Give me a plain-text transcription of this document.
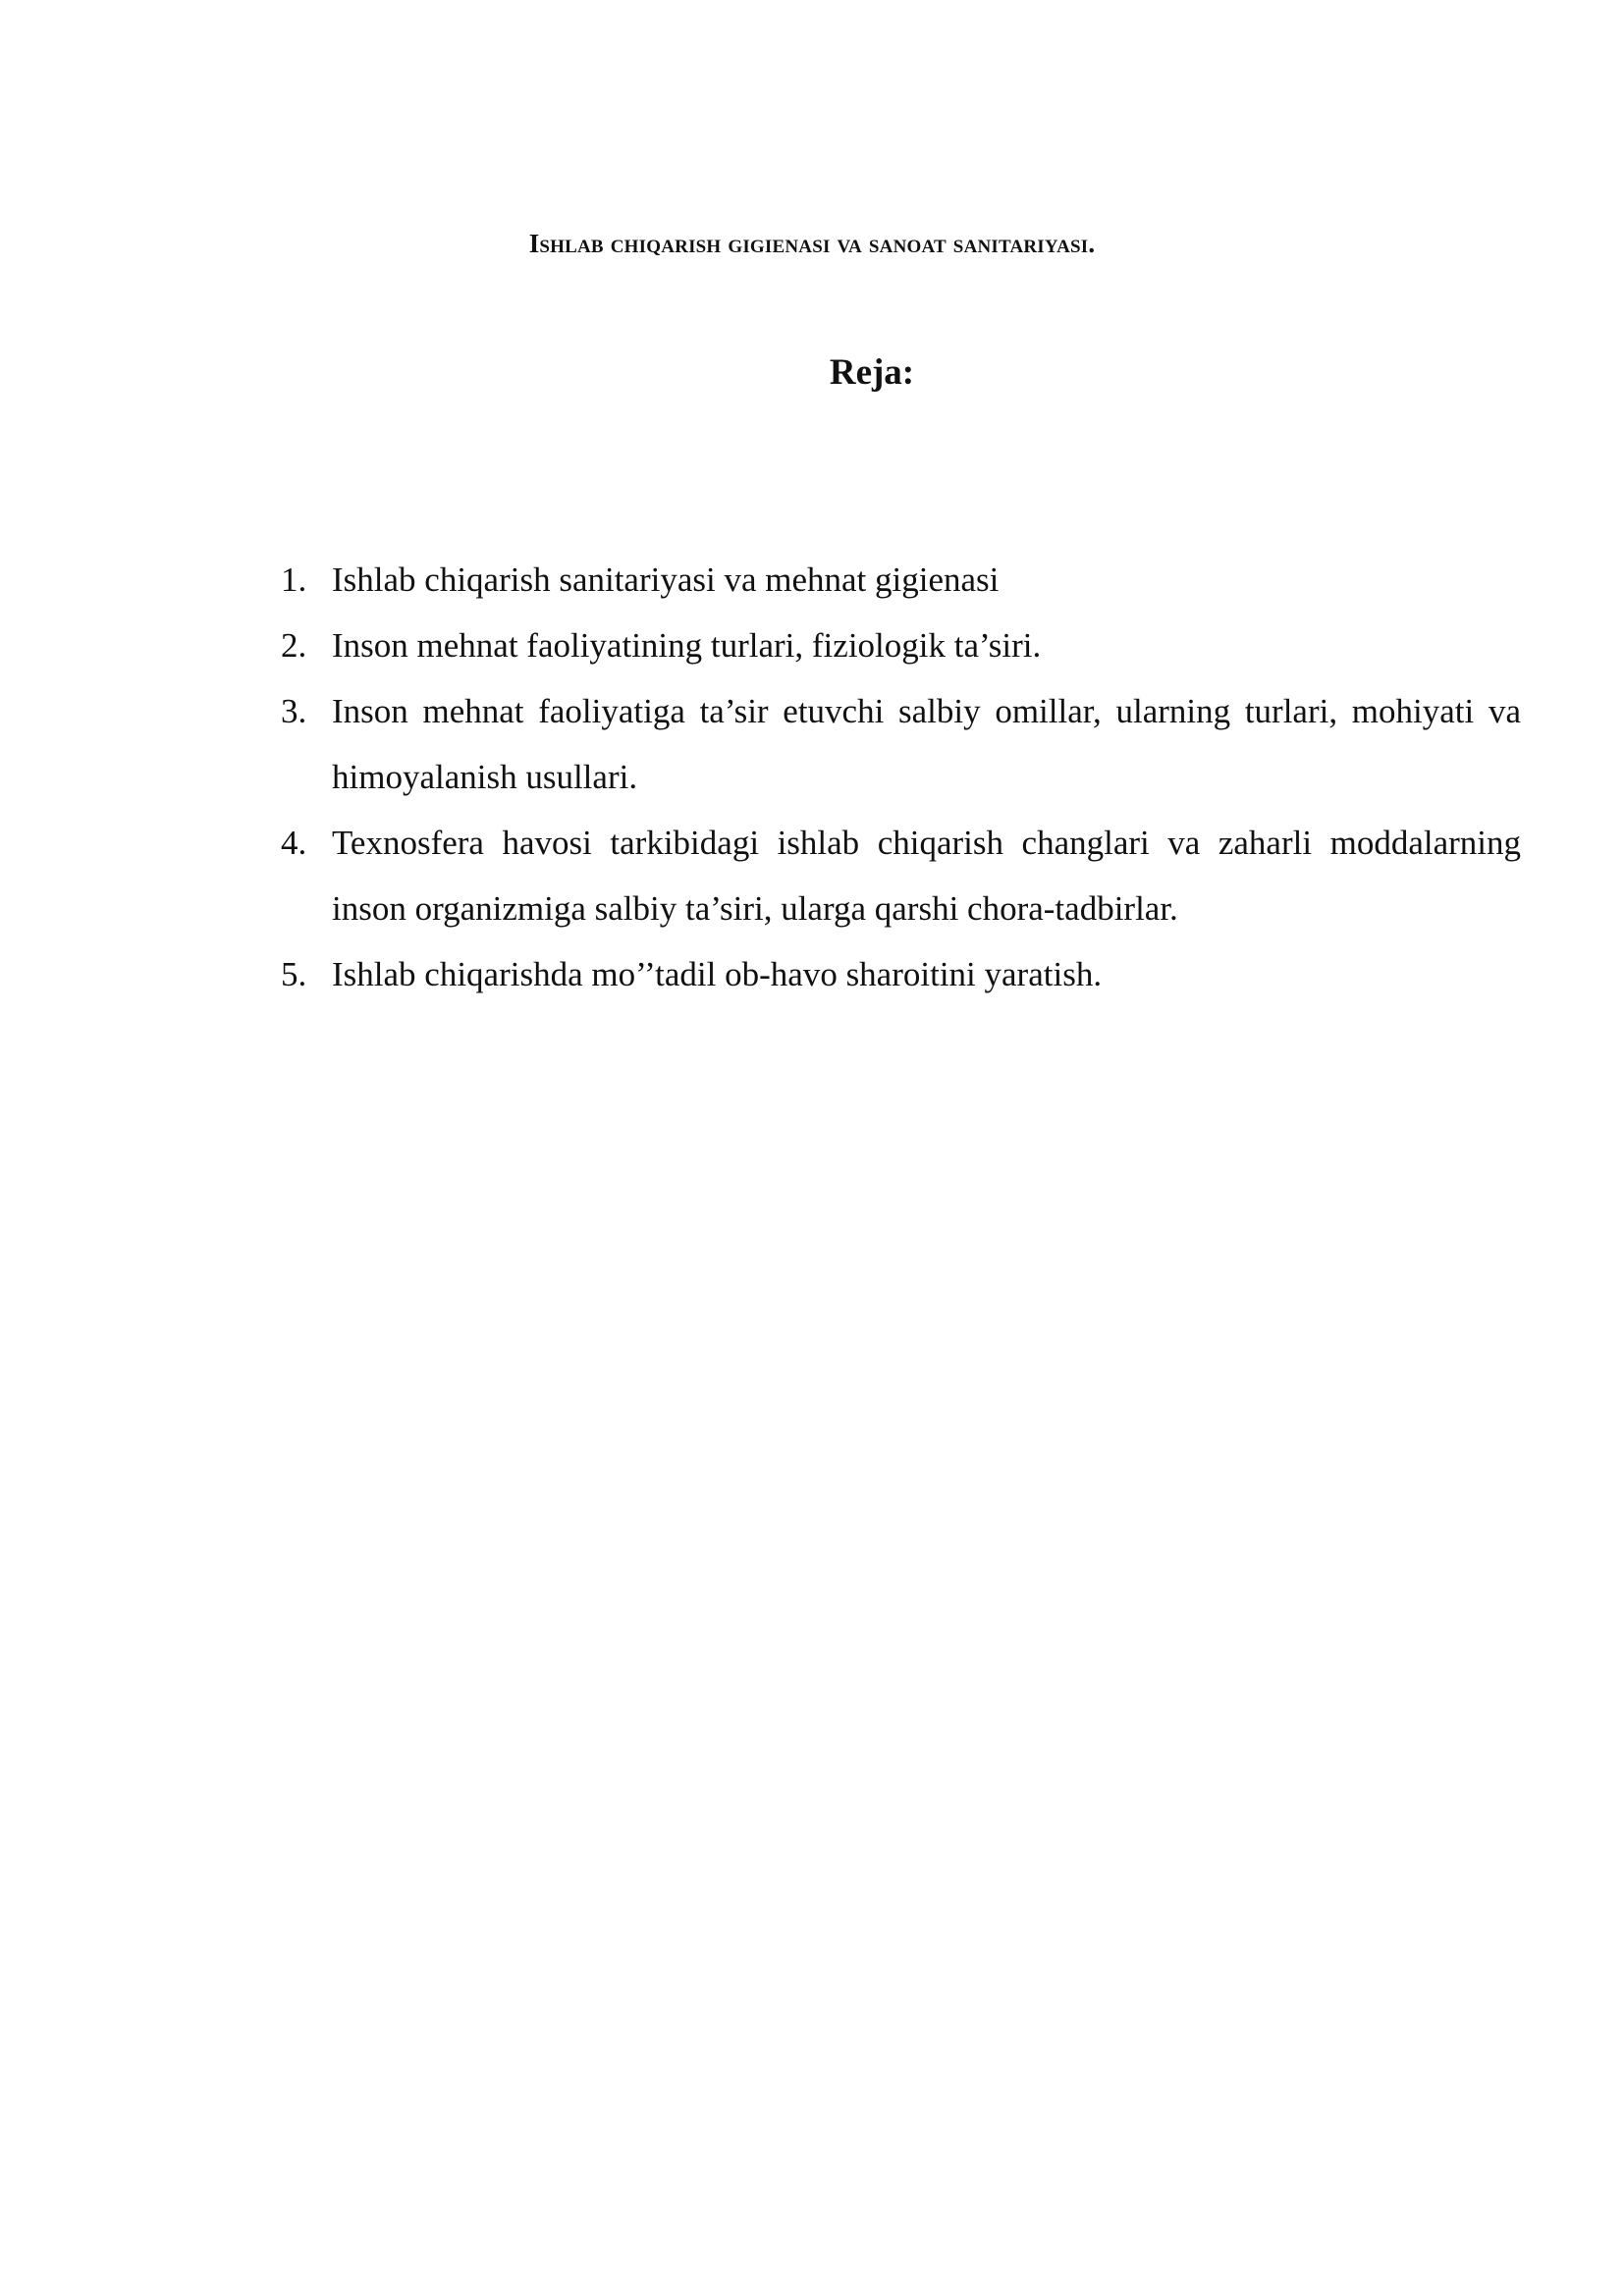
Ishlab chiqarish gigienasi va sanoat sanitariyasi.
Reja:
1. Ishlab chiqarish sanitariyasi va mehnat gigienasi
2. Inson mehnat faoliyatining turlari, fiziologik ta’siri.
3. Inson mehnat faoliyatiga ta’sir etuvchi salbiy omillar, ularning turlari, mohiyati va himoyalanish usullari.
4. Texnosfera havosi tarkibidagi ishlab chiqarish changlari va zaharli moddalarning inson organizmiga salbiy ta’siri, ularga qarshi chora-tadbirlar.
5. Ishlab chiqarishda mo’’tadil ob-havo sharoitini yaratish.
